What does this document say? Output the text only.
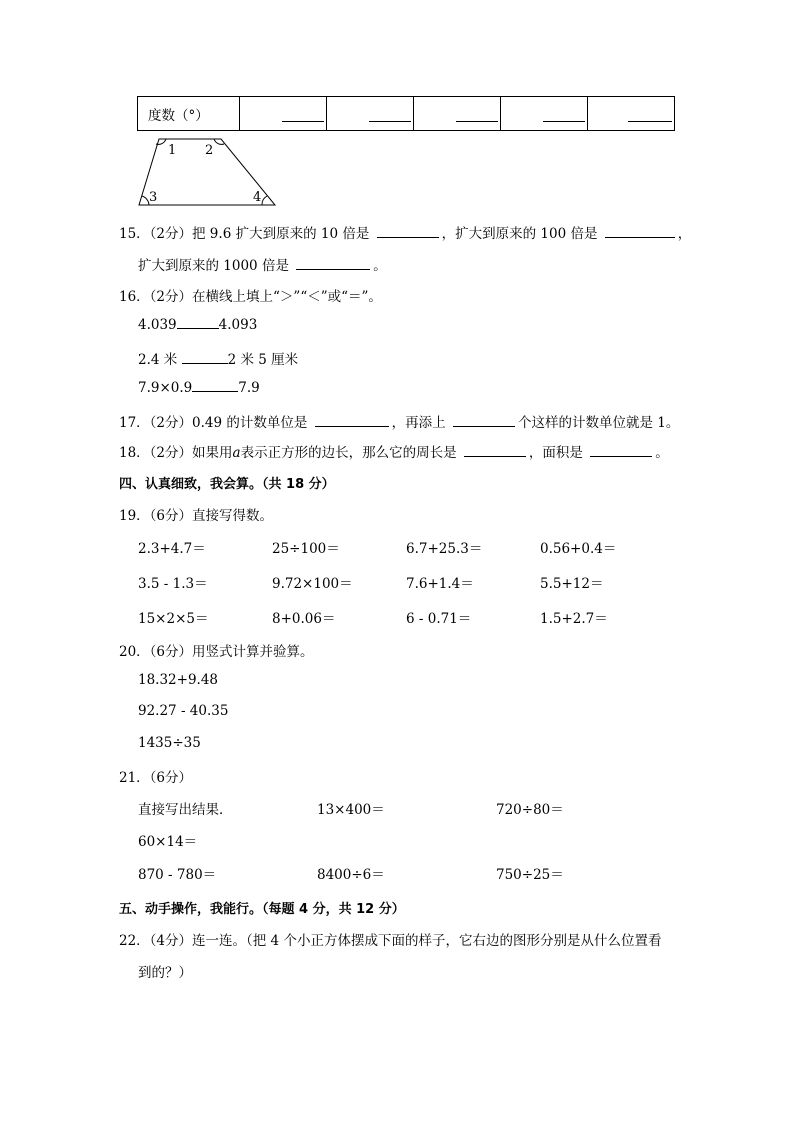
度数（°）					
1 2
3	4
15．（2分）把 9.6 扩大到原来的 10 倍是	，扩大到原来的 100 倍是	，
扩大到原来的 1000 倍是	。
16．（2分）在横线上填上“＞”“＜”或“＝”。
4.039	4.093
2.4 米	2 米 5 厘米
7.9×0.9	7.9
17．（2分）0.49 的计数单位是	，再添上	个这样的计数单位就是 1。
18．（2分）如果用a表示正方形的边长，那么它的周长是	，面积是	。
四、认真细致，我会算。（共 18 分）
19．（6分）直接写得数。
2.3+4.7＝	25÷100＝	6.7+25.3＝	0.56+0.4＝
3.5 - 1.3＝	9.72×100＝	7.6+1.4＝	5.5+12＝
15×2×5＝	8+0.06＝	6 - 0.71＝	1.5+2.7＝
20．（6分）用竖式计算并验算。
18.32+9.48
92.27 - 40.35
1435÷35
21．（6分）
直接写出结果．	13×400＝	720÷80＝
60×14＝
870 - 780＝	8400÷6＝	750÷25＝
五、动手操作，我能行。（每题 4 分，共 12 分）
22．（4分）连一连。（把 4 个小正方体摆成下面的样子，它右边的图形分别是从什么位置看
到的？）
